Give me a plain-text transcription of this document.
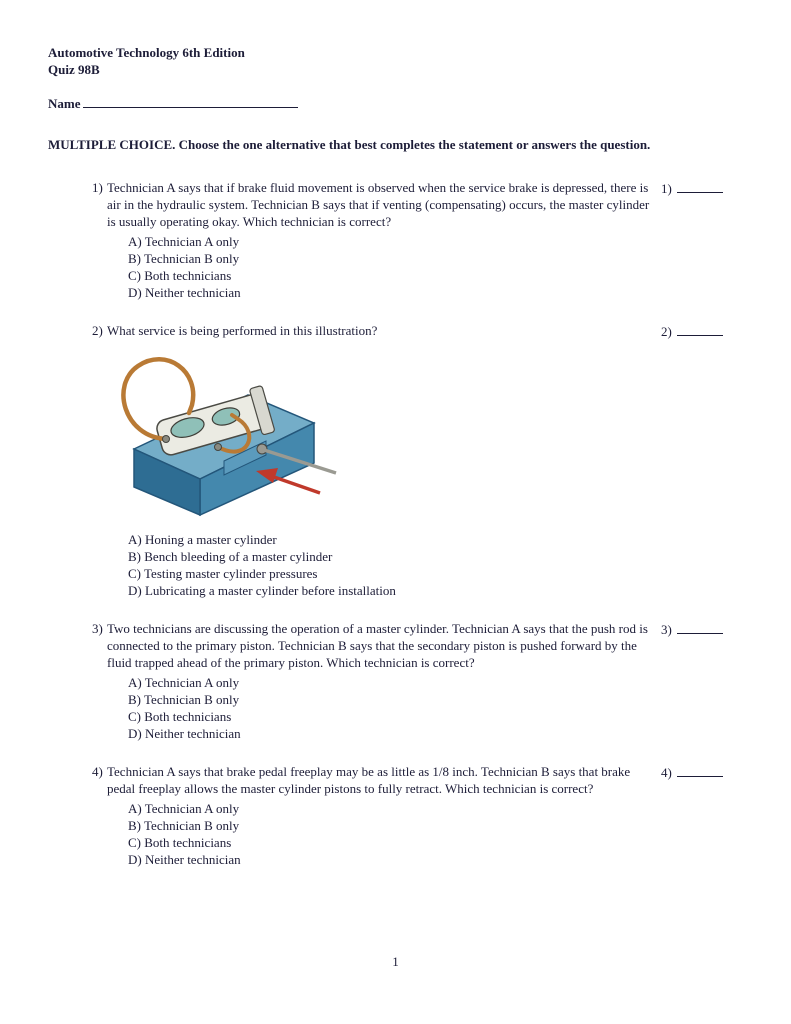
Automotive Technology 6th Edition
Quiz 98B
Name
MULTIPLE CHOICE. Choose the one alternative that best completes the statement or answers the question.
1) Technician A says that if brake fluid movement is observed when the service brake is depressed, there is air in the hydraulic system. Technician B says that if venting (compensating) occurs, the master cylinder is usually operating okay. Which technician is correct?
A) Technician A only
B) Technician B only
C) Both technicians
D) Neither technician
1)
2) What service is being performed in this illustration?
A) Honing a master cylinder
B) Bench bleeding of a master cylinder
C) Testing master cylinder pressures
D) Lubricating a master cylinder before installation
2)
3) Two technicians are discussing the operation of a master cylinder. Technician A says that the push rod is connected to the primary piston. Technician B says that the secondary piston is pushed forward by the fluid trapped ahead of the primary piston. Which technician is correct?
A) Technician A only
B) Technician B only
C) Both technicians
D) Neither technician
3)
4) Technician A says that brake pedal freeplay may be as little as 1/8 inch. Technician B says that brake pedal freeplay allows the master cylinder pistons to fully retract. Which technician is correct?
A) Technician A only
B) Technician B only
C) Both technicians
D) Neither technician
4)
1
